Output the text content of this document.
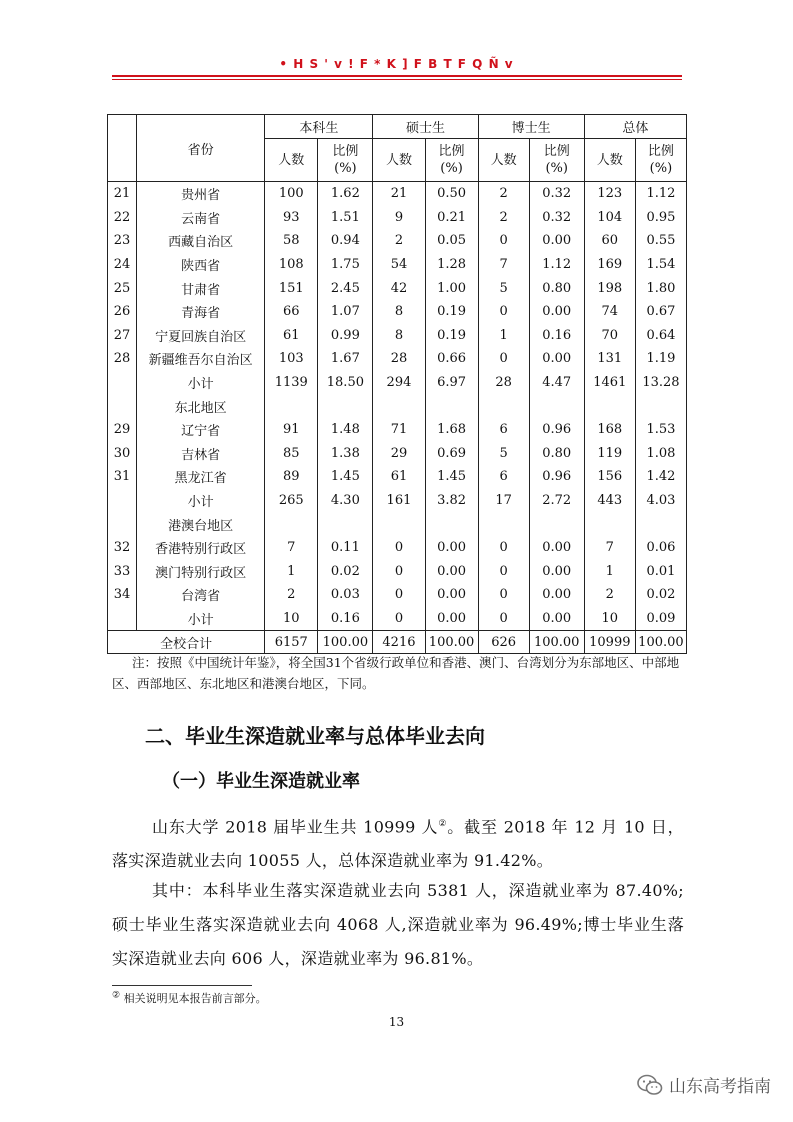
• H S ' v ! F * K ] F B T F Q Ñ v
	省份	本科生		硕士生		博士生		总体	
		人数	比例(%)	人数	比例(%)	人数	比例(%)	人数	比例(%)
21	贵州省	100	1.62	21	0.50	2	0.32	123	1.12
22	云南省	93	1.51	9	0.21	2	0.32	104	0.95
23	西藏自治区	58	0.94	2	0.05	0	0.00	60	0.55
24	陕西省	108	1.75	54	1.28	7	1.12	169	1.54
25	甘肃省	151	2.45	42	1.00	5	0.80	198	1.80
26	青海省	66	1.07	8	0.19	0	0.00	74	0.67
27	宁夏回族自治区	61	0.99	8	0.19	1	0.16	70	0.64
28	新疆维吾尔自治区	103	1.67	28	0.66	0	0.00	131	1.19
	小计	1139	18.50	294	6.97	28	4.47	1461	13.28
	东北地区								
29	辽宁省	91	1.48	71	1.68	6	0.96	168	1.53
30	吉林省	85	1.38	29	0.69	5	0.80	119	1.08
31	黑龙江省	89	1.45	61	1.45	6	0.96	156	1.42
	小计	265	4.30	161	3.82	17	2.72	443	4.03
	港澳台地区								
32	香港特别行政区	7	0.11	0	0.00	0	0.00	7	0.06
33	澳门特别行政区	1	0.02	0	0.00	0	0.00	1	0.01
34	台湾省	2	0.03	0	0.00	0	0.00	2	0.02
	小计	10	0.16	0	0.00	0	0.00	10	0.09
全校合计		6157	100.00	4216	100.00	626	100.00	10999	100.00
注：按照《中国统计年鉴》，将全国31个省级行政单位和香港、澳门、台湾划分为东部地区、中部地区、西部地区、东北地区和港澳台地区，下同。
二、毕业生深造就业率与总体毕业去向
（一）毕业生深造就业率
山东大学 2018 届毕业生共 10999 人②。截至 2018 年 12 月 10 日，落实深造就业去向 10055 人，总体深造就业率为 91.42%。
其中：本科毕业生落实深造就业去向 5381 人，深造就业率为 87.40%;硕士毕业生落实深造就业去向 4068 人,深造就业率为 96.49%;博士毕业生落实深造就业去向 606 人，深造就业率为 96.81%。
② 相关说明见本报告前言部分。
13
山东高考指南
